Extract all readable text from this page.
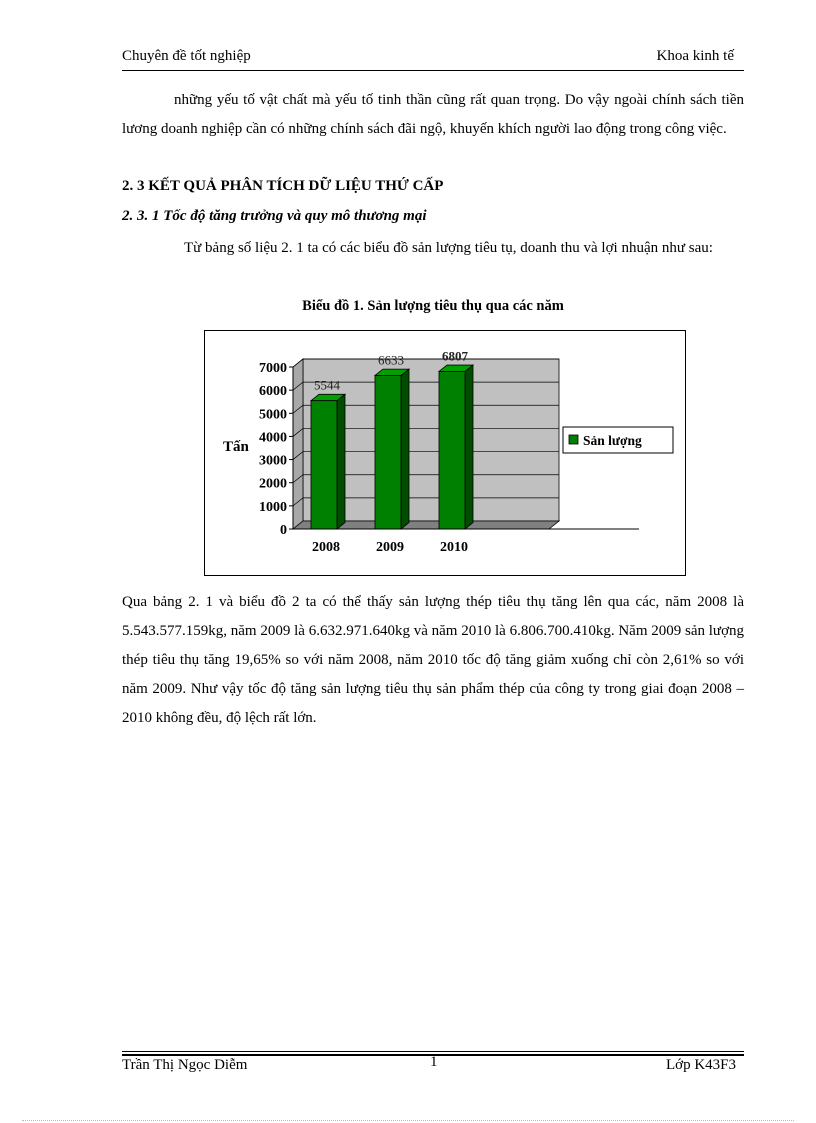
Chuyên đề tốt nghiệp	Khoa kinh tế
những yếu tố vật chất mà yếu tố tinh thần cũng rất quan trọng. Do vậy ngoài chính sách tiền lương doanh nghiệp cần có những chính sách đãi ngộ, khuyến khích người lao động trong công việc.
2. 3 KẾT QUẢ PHÂN TÍCH DỮ LIỆU THỨ CẤP
2. 3. 1 Tốc độ tăng trưởng và quy mô thương mại
Từ bảng số liệu 2. 1 ta có các biểu đồ sản lượng tiêu tụ, doanh thu và lợi nhuận như sau:
Biểu đồ 1. Sản lượng tiêu thụ qua các năm
0
1000
2000
3000
4000
5000
6000
7000
Tấn
5544
2008
6633
2009
6807
2010
Sản lượng
Qua bảng 2. 1 và biểu đồ 2 ta có thể thấy sản lượng thép tiêu thụ tăng lên qua các, năm 2008 là 5.543.577.159kg, năm 2009 là 6.632.971.640kg và năm 2010 là 6.806.700.410kg. Năm 2009 sản lượng thép tiêu thụ tăng 19,65% so với năm 2008, năm 2010 tốc độ tăng giảm xuống chỉ còn 2,61% so với năm 2009. Như vậy tốc độ tăng sản lượng tiêu thụ sản phẩm thép của công ty trong giai đoạn 2008 – 2010 không đều, độ lệch rất lớn.
Trần Thị Ngọc Diễm	1	Lớp K43F3
